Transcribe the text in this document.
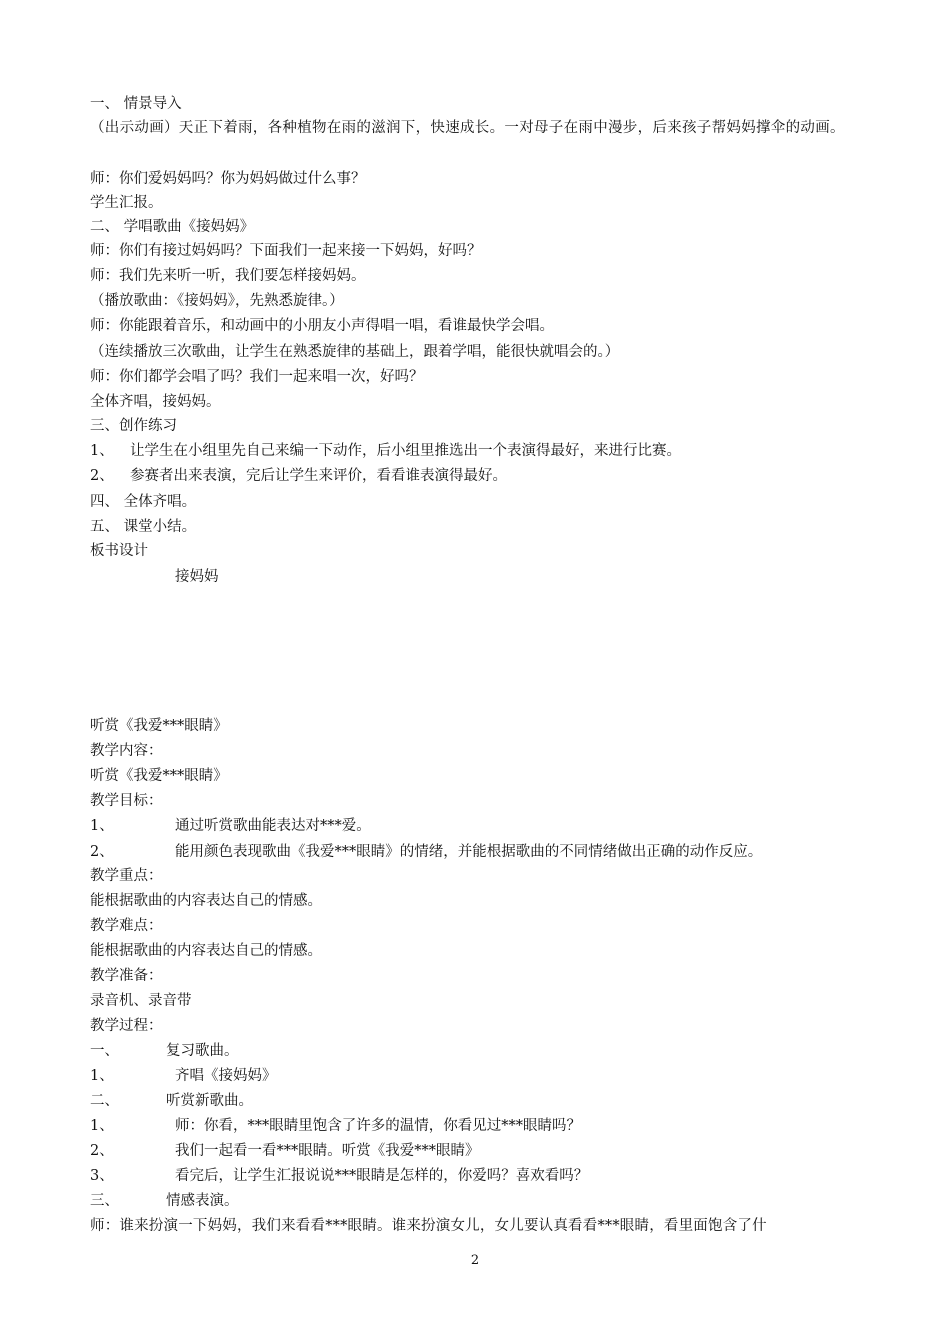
一、 情景导入
（出示动画）天正下着雨，各种植物在雨的滋润下，快速成长。一对母子在雨中漫步，后来孩子帮妈妈撑伞的动画。
师：你们爱妈妈吗？你为妈妈做过什么事？
学生汇报。
二、 学唱歌曲《接妈妈》
师：你们有接过妈妈吗？下面我们一起来接一下妈妈，好吗？
师：我们先来听一听，我们要怎样接妈妈。
（播放歌曲：《接妈妈》，先熟悉旋律。）
师：你能跟着音乐，和动画中的小朋友小声得唱一唱，看谁最快学会唱。
（连续播放三次歌曲，让学生在熟悉旋律的基础上，跟着学唱，能很快就唱会的。）
师：你们都学会唱了吗？我们一起来唱一次，好吗？
全体齐唱，接妈妈。
三、创作练习
1、 让学生在小组里先自己来编一下动作，后小组里推选出一个表演得最好，来进行比赛。
2、 参赛者出来表演，完后让学生来评价，看看谁表演得最好。
四、 全体齐唱。
五、 课堂小结。
板书设计
接妈妈
听赏《我爱***眼睛》
教学内容：
听赏《我爱***眼睛》
教学目标：
1、	通过听赏歌曲能表达对***爱。
2、	能用颜色表现歌曲《我爱***眼睛》的情绪，并能根据歌曲的不同情绪做出正确的动作反应。
教学重点：
能根据歌曲的内容表达自己的情感。
教学难点：
能根据歌曲的内容表达自己的情感。
教学准备：
录音机、录音带
教学过程：
一、	复习歌曲。
1、	齐唱《接妈妈》
二、	听赏新歌曲。
1、	师：你看，***眼睛里饱含了许多的温情，你看见过***眼睛吗？
2、	我们一起看一看***眼睛。听赏《我爱***眼睛》
3、	看完后，让学生汇报说说***眼睛是怎样的，你爱吗？喜欢看吗？
三、	情感表演。
师：谁来扮演一下妈妈，我们来看看***眼睛。谁来扮演女儿，女儿要认真看看***眼睛，看里面饱含了什
2
